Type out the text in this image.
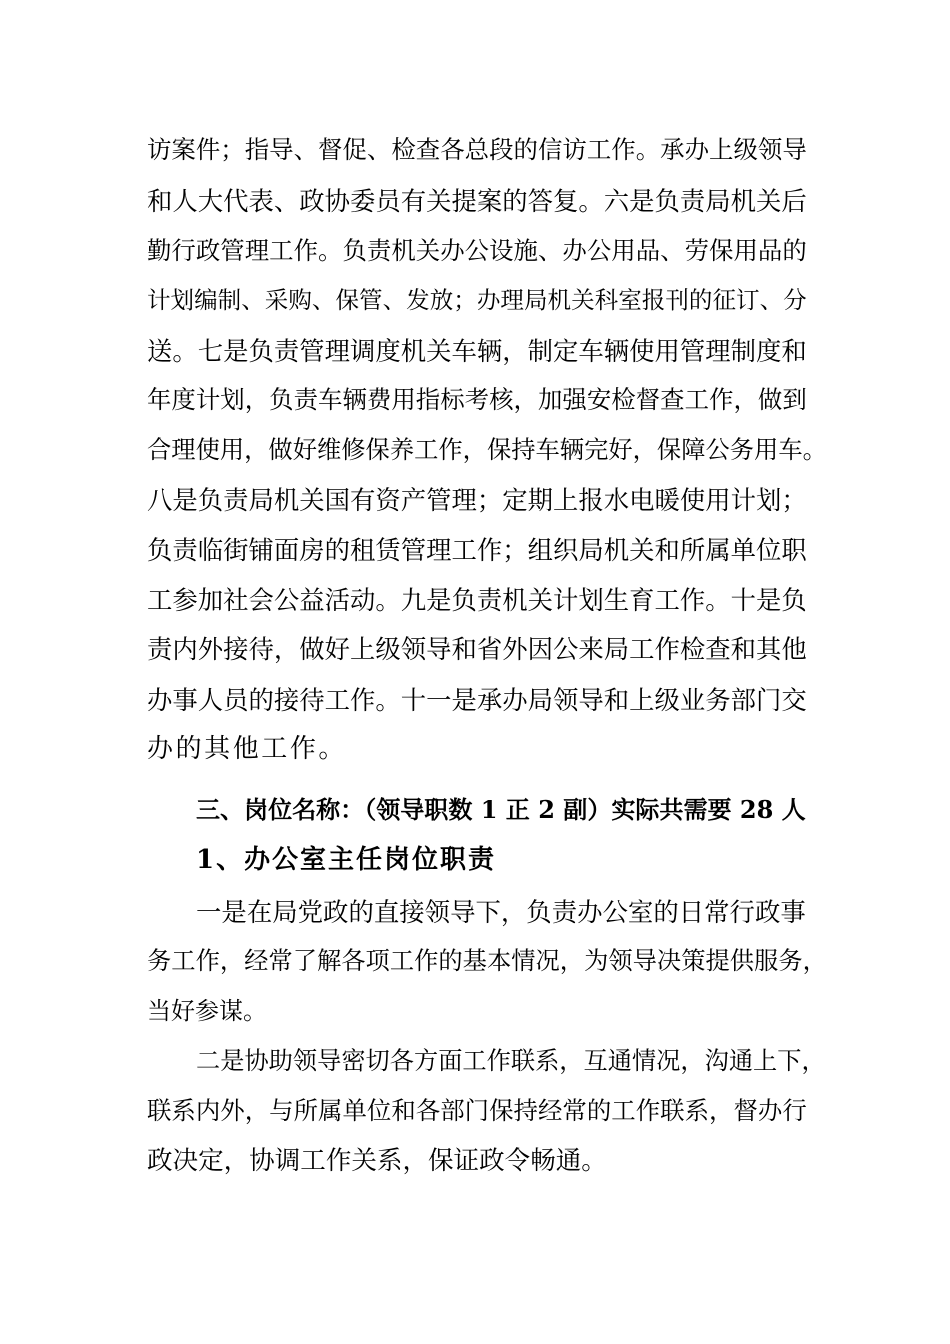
访案件；指导、督促、检查各总段的信访工作。承办上级领导
和人大代表、政协委员有关提案的答复。六是负责局机关后
勤行政管理工作。负责机关办公设施、办公用品、劳保用品的
计划编制、采购、保管、发放；办理局机关科室报刊的征订、分
送。七是负责管理调度机关车辆，制定车辆使用管理制度和
年度计划，负责车辆费用指标考核，加强安检督查工作，做到
合理使用，做好维修保养工作，保持车辆完好，保障公务用车。
八是负责局机关国有资产管理；定期上报水电暖使用计划；
负责临街铺面房的租赁管理工作；组织局机关和所属单位职
工参加社会公益活动。九是负责机关计划生育工作。十是负
责内外接待，做好上级领导和省外因公来局工作检查和其他
办事人员的接待工作。十一是承办局领导和上级业务部门交
办的其他工作。
三、岗位名称：（领导职数 1 正 2 副）实际共需要 28 人
1、办公室主任岗位职责
一是在局党政的直接领导下，负责办公室的日常行政事
务工作，经常了解各项工作的基本情况，为领导决策提供服务，
当好参谋。
二是协助领导密切各方面工作联系，互通情况，沟通上下，
联系内外，与所属单位和各部门保持经常的工作联系，督办行
政决定，协调工作关系，保证政令畅通。
